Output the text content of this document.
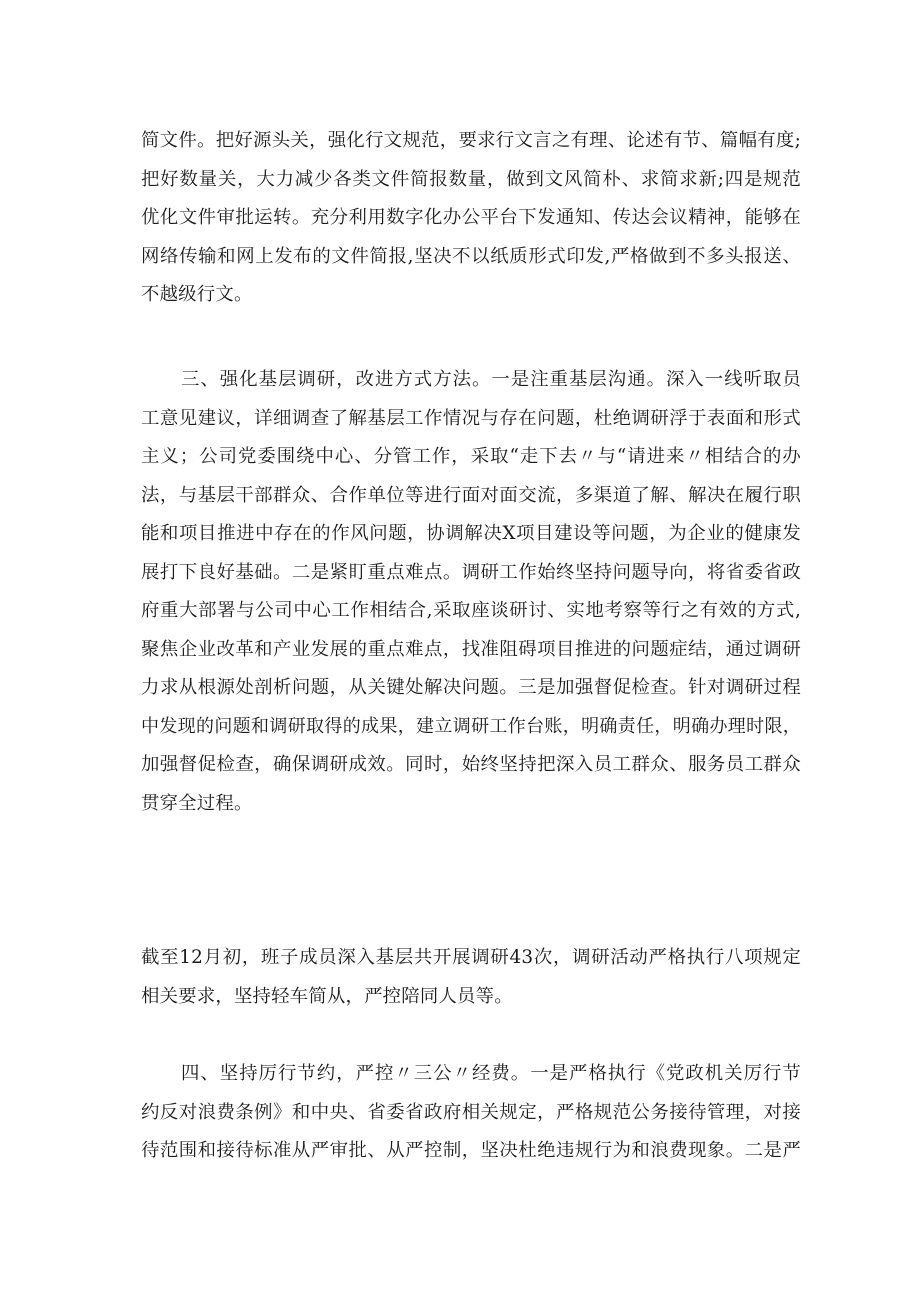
简文件。把好源头关，强化行文规范，要求行文言之有理、论述有节、篇幅有度;
把好数量关，大力减少各类文件简报数量，做到文风简朴、求简求新;四是规范
优化文件审批运转。充分利用数字化办公平台下发通知、传达会议精神，能够在
网络传输和网上发布的文件简报,坚决不以纸质形式印发,严格做到不多头报送、
不越级行文。
三、强化基层调研，改进方式方法。一是注重基层沟通。深入一线听取员
工意见建议，详细调查了解基层工作情况与存在问题，杜绝调研浮于表面和形式
主义；公司党委围绕中心、分管工作，采取“走下去〃与“请进来〃相结合的办
法，与基层干部群众、合作单位等进行面对面交流，多渠道了解、解决在履行职
能和项目推进中存在的作风问题，协调解决X项目建设等问题，为企业的健康发
展打下良好基础。二是紧盯重点难点。调研工作始终坚持问题导向，将省委省政
府重大部署与公司中心工作相结合,采取座谈研讨、实地考察等行之有效的方式,
聚焦企业改革和产业发展的重点难点，找准阻碍项目推进的问题症结，通过调研
力求从根源处剖析问题，从关键处解决问题。三是加强督促检查。针对调研过程
中发现的问题和调研取得的成果，建立调研工作台账，明确责任，明确办理时限，
加强督促检查，确保调研成效。同时，始终坚持把深入员工群众、服务员工群众
贯穿全过程。
截至12月初，班子成员深入基层共开展调研43次，调研活动严格执行八项规定
相关要求，坚持轻车简从，严控陪同人员等。
四、坚持厉行节约，严控〃三公〃经费。一是严格执行《党政机关厉行节
约反对浪费条例》和中央、省委省政府相关规定，严格规范公务接待管理，对接
待范围和接待标准从严审批、从严控制，坚决杜绝违规行为和浪费现象。二是严
